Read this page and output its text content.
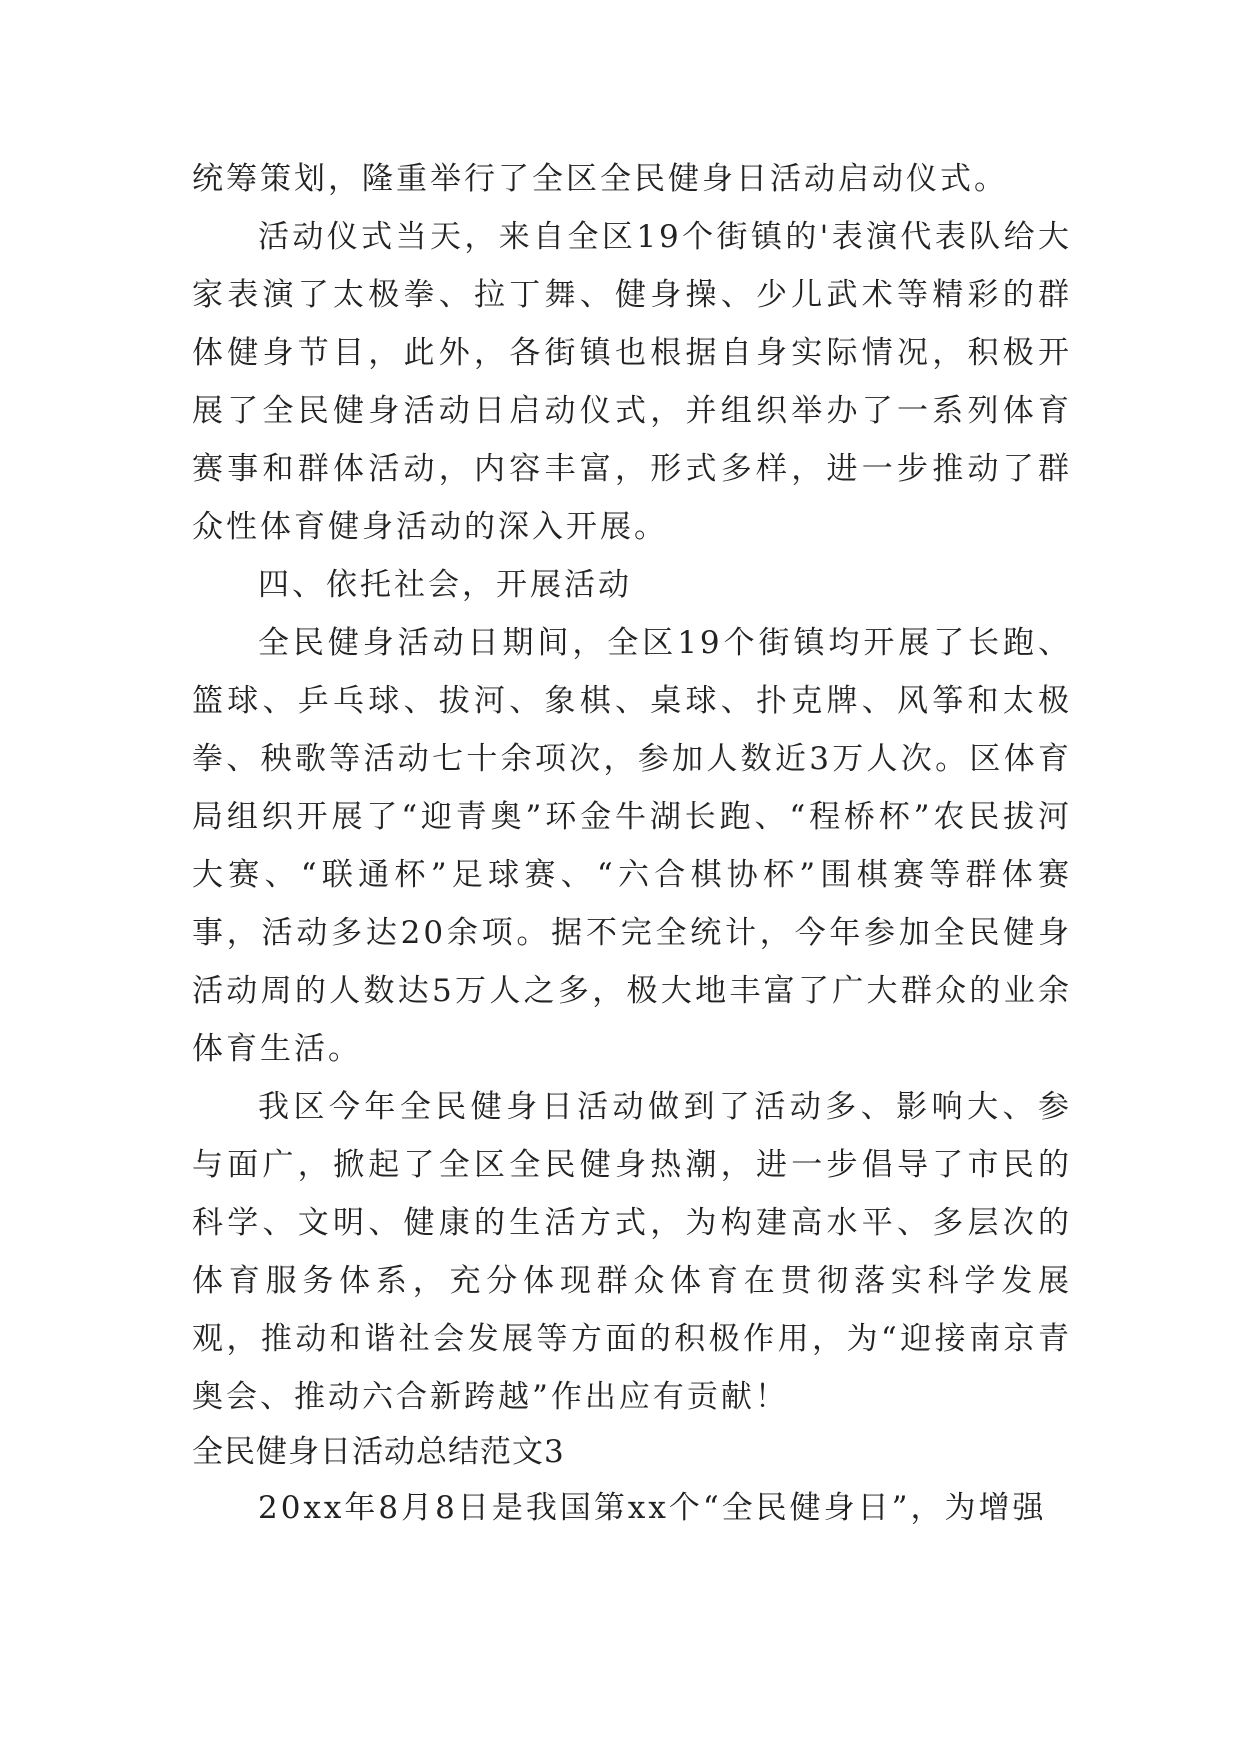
统筹策划，隆重举行了全区全民健身日活动启动仪式。

活动仪式当天，来自全区19个街镇的'表演代表队给大家表演了太极拳、拉丁舞、健身操、少儿武术等精彩的群体健身节目，此外，各街镇也根据自身实际情况，积极开展了全民健身活动日启动仪式，并组织举办了一系列体育赛事和群体活动，内容丰富，形式多样，进一步推动了群众性体育健身活动的深入开展。

四、依托社会，开展活动

全民健身活动日期间，全区19个街镇均开展了长跑、篮球、乒乓球、拔河、象棋、桌球、扑克牌、风筝和太极拳、秧歌等活动七十余项次，参加人数近3万人次。区体育局组织开展了“迎青奥”环金牛湖长跑、“程桥杯”农民拔河大赛、“联通杯”足球赛、“六合棋协杯”围棋赛等群体赛事，活动多达20余项。据不完全统计，今年参加全民健身活动周的人数达5万人之多，极大地丰富了广大群众的业余体育生活。

我区今年全民健身日活动做到了活动多、影响大、参与面广，掀起了全区全民健身热潮，进一步倡导了市民的科学、文明、健康的生活方式，为构建高水平、多层次的体育服务体系，充分体现群众体育在贯彻落实科学发展观，推动和谐社会发展等方面的积极作用，为“迎接南京青奥会、推动六合新跨越”作出应有贡献！

全民健身日活动总结范文3

20xx年8月8日是我国第xx个“全民健身日”，为增强
